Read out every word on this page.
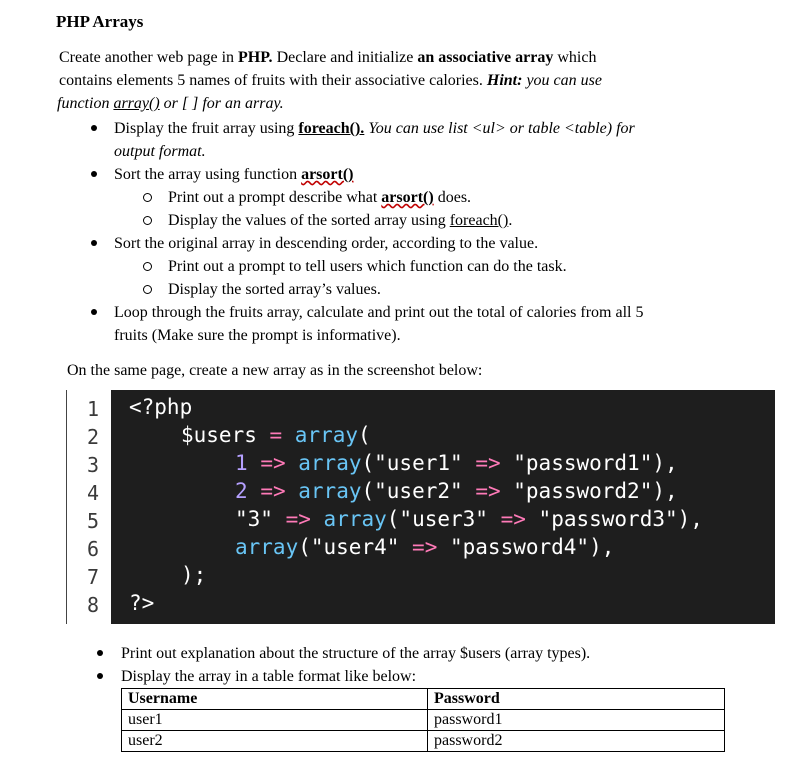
PHP Arrays
Create another web page in PHP. Declare and initialize an associative array which
contains elements 5 names of fruits with their associative calories. Hint: you can use
function array() or [ ] for an array.
Display the fruit array using foreach(). You can use list <ul> or table <table) for
output format.
Sort the array using function arsort()
Print out a prompt describe what arsort() does.
Display the values of the sorted array using foreach().
Sort the original array in descending order, according to the value.
Print out a prompt to tell users which function can do the task.
Display the sorted array’s values.
Loop through the fruits array, calculate and print out the total of calories from all 5
fruits (Make sure the prompt is informative).
On the same page, create a new array as in the screenshot below:
1
2
3
4
5
6
7
8
<?php
$users = array(
1 => array("user1" => "password1"),
2 => array("user2" => "password2"),
"3" => array("user3" => "password3"),
array("user4" => "password4"),
);
?>
Print out explanation about the structure of the array $users (array types).
Display the array in a table format like below:
Username	Password
user1	password1
user2	password2
